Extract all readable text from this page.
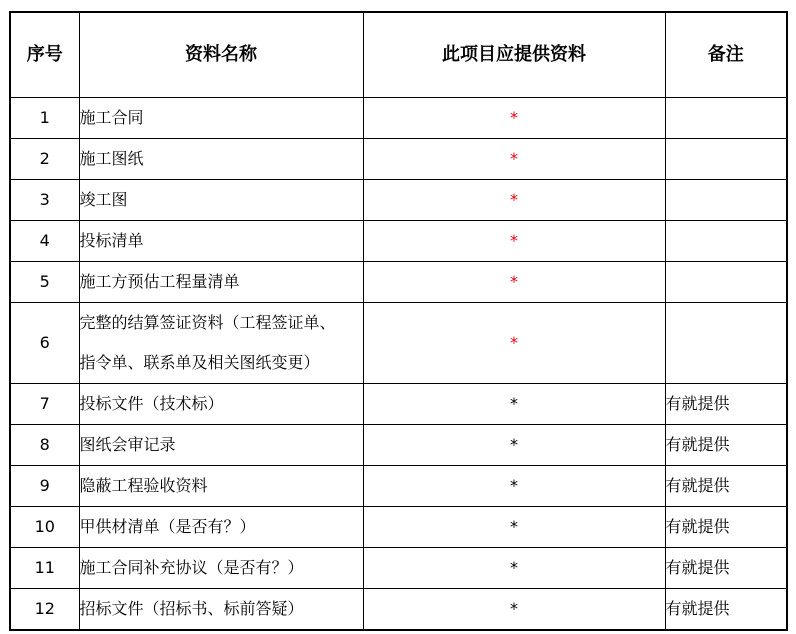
序号	资料名称	此项目应提供资料	备注
1	施工合同	*	
2	施工图纸	*	
3	竣工图	*	
4	投标清单	*	
5	施工方预估工程量清单	*	
6	完整的结算签证资料（工程签证单、
指令单、联系单及相关图纸变更）	*	
7	投标文件（技术标）	*	有就提供
8	图纸会审记录	*	有就提供
9	隐蔽工程验收资料	*	有就提供
10	甲供材清单（是否有？）	*	有就提供
11	施工合同补充协议（是否有？）	*	有就提供
12	招标文件（招标书、标前答疑）	*	有就提供
